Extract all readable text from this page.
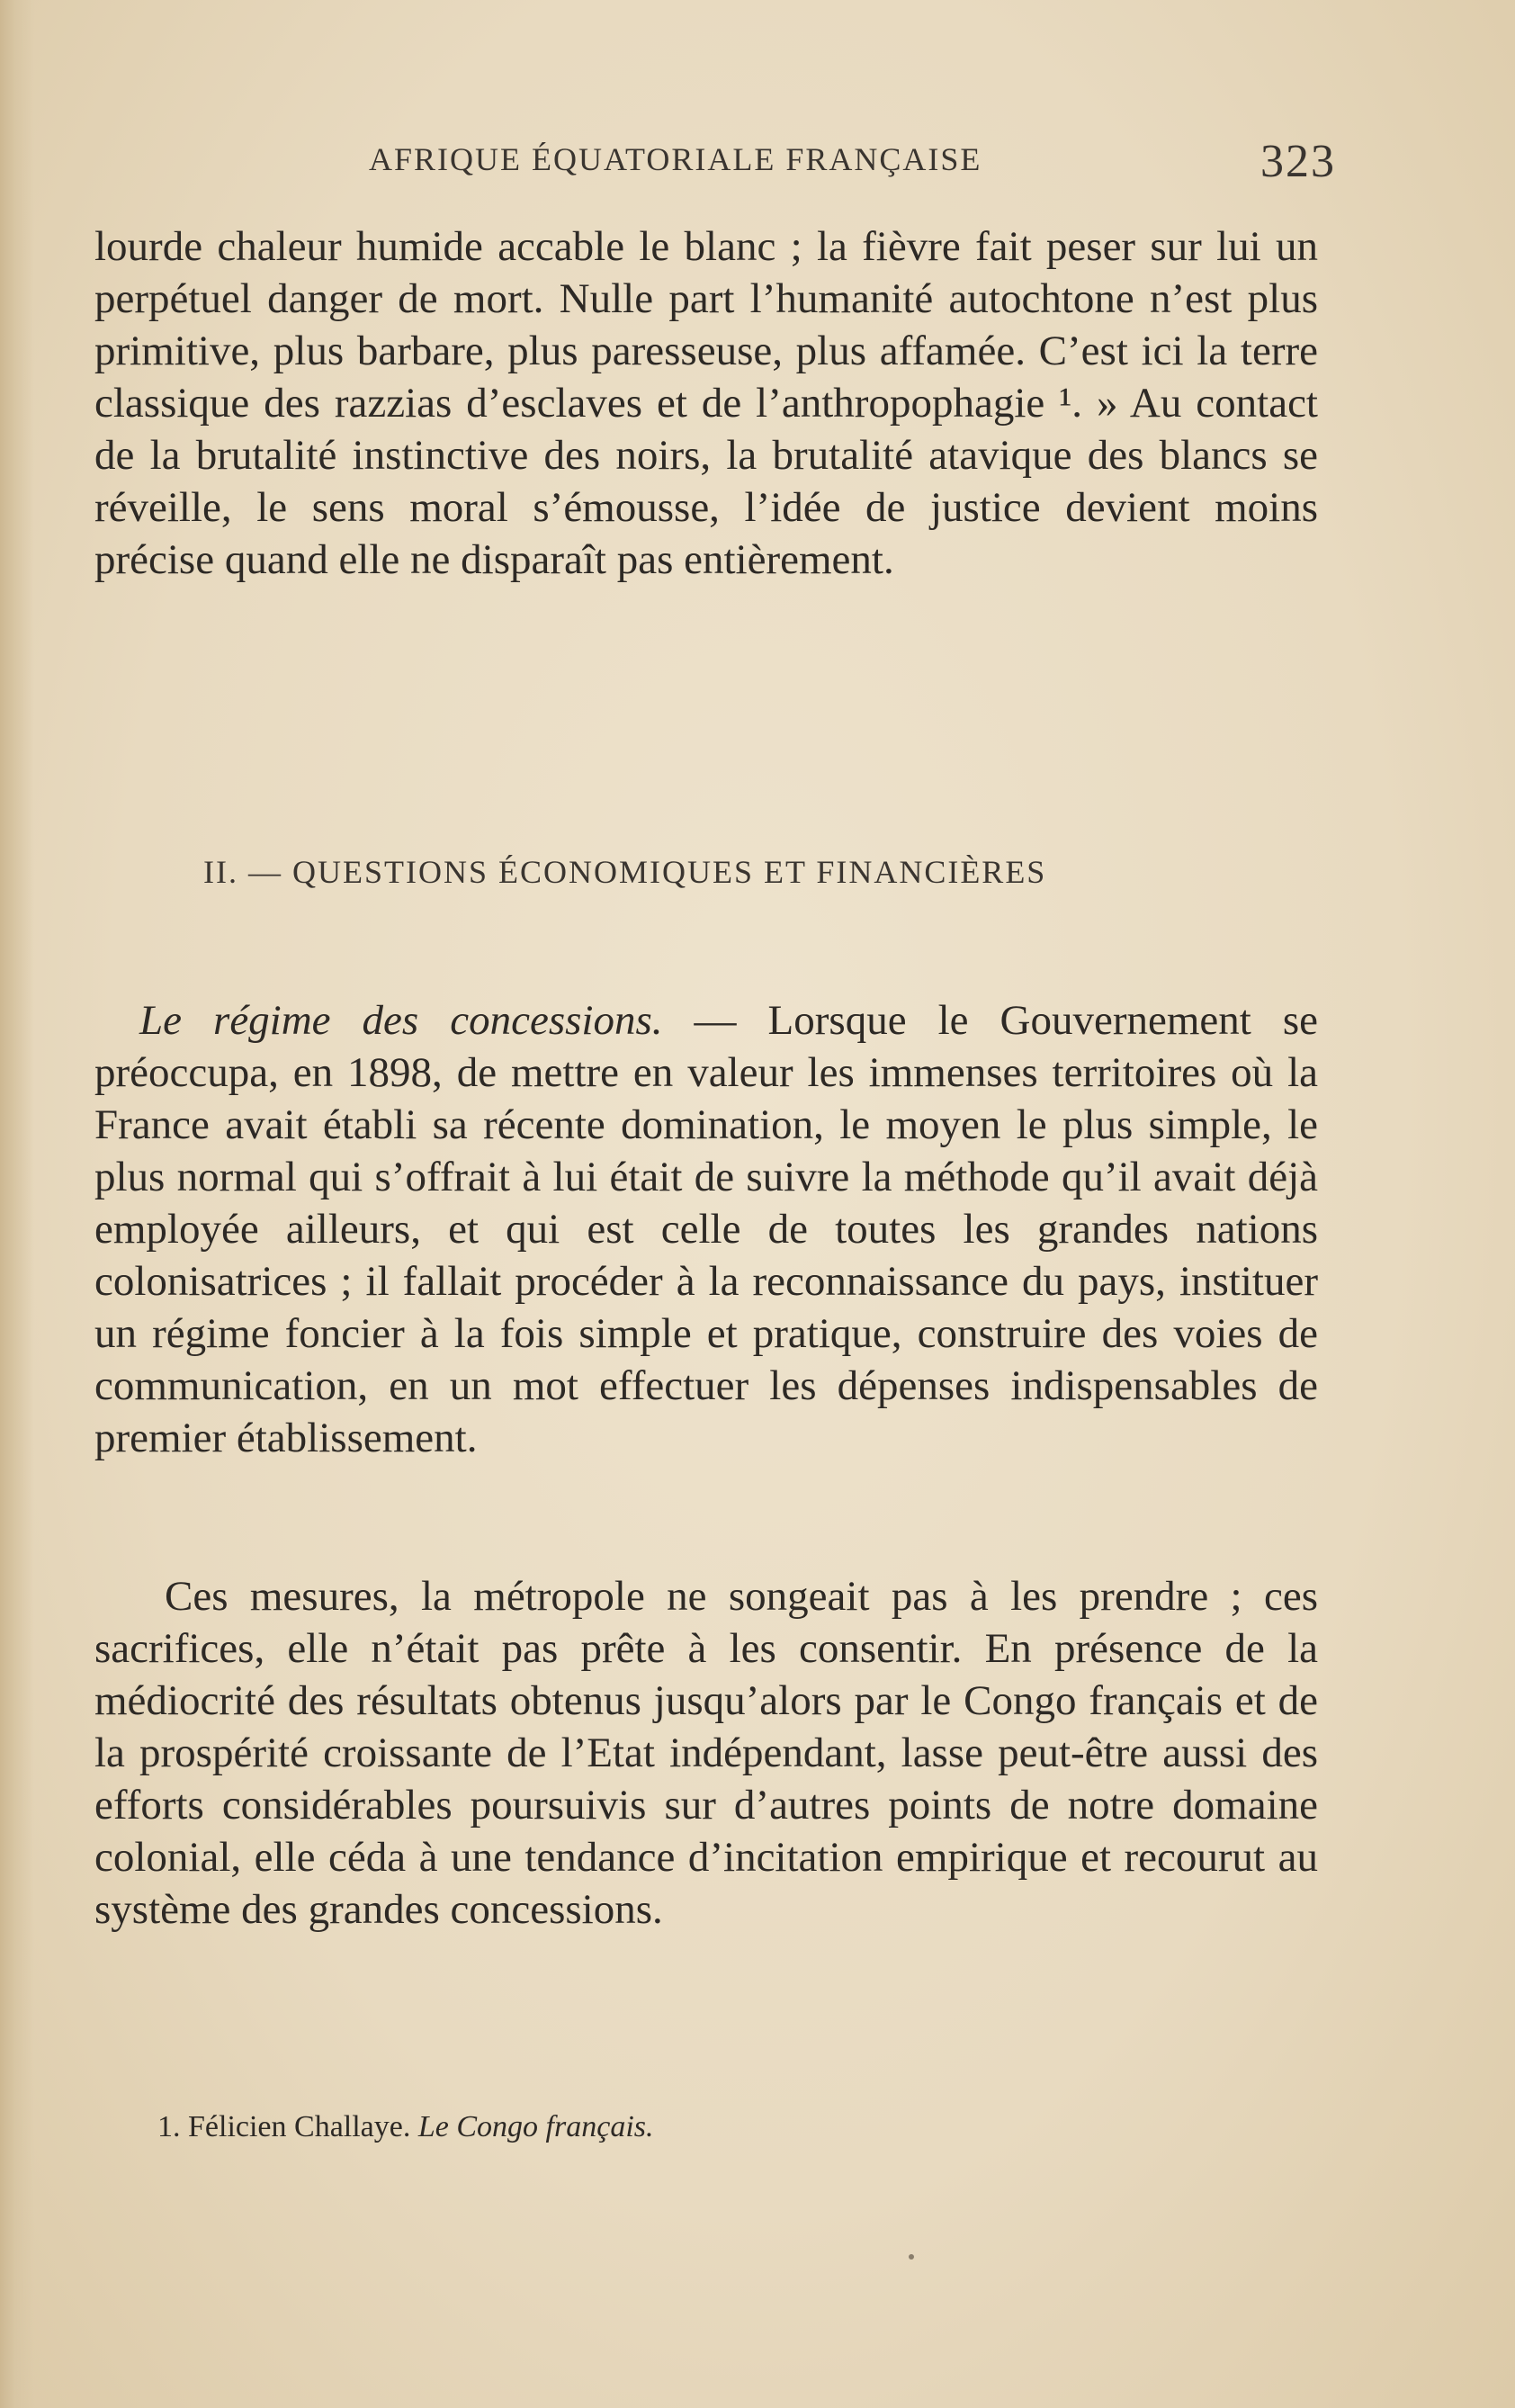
AFRIQUE ÉQUATORIALE FRANÇAISE	323

lourde chaleur humide accable le blanc ; la fièvre fait peser sur lui un perpétuel danger de mort. Nulle part l’humanité autochtone n’est plus primitive, plus barbare, plus paresseuse, plus affamée. C’est ici la terre classique des razzias d’esclaves et de l’anthropophagie ¹. » Au contact de la brutalité instinctive des noirs, la brutalité atavique des blancs se réveille, le sens moral s’émousse, l’idée de justice devient moins précise quand elle ne disparaît pas entièrement.

II. — QUESTIONS ÉCONOMIQUES ET FINANCIÈRES

Le régime des concessions. — Lorsque le Gouvernement se préoccupa, en 1898, de mettre en valeur les immenses territoires où la France avait établi sa récente domination, le moyen le plus simple, le plus normal qui s’offrait à lui était de suivre la méthode qu’il avait déjà employée ailleurs, et qui est celle de toutes les grandes nations colonisatrices ; il fallait procéder à la reconnaissance du pays, instituer un régime foncier à la fois simple et pratique, construire des voies de communication, en un mot effectuer les dépenses indispensables de premier établissement.

Ces mesures, la métropole ne songeait pas à les prendre ; ces sacrifices, elle n’était pas prête à les consentir. En présence de la médiocrité des résultats obtenus jusqu’alors par le Congo français et de la prospérité croissante de l’Etat indépendant, lasse peut-être aussi des efforts considérables poursuivis sur d’autres points de notre domaine colonial, elle céda à une tendance d’incitation empirique et recourut au système des grandes concessions.

1. Félicien Challaye. Le Congo français.
